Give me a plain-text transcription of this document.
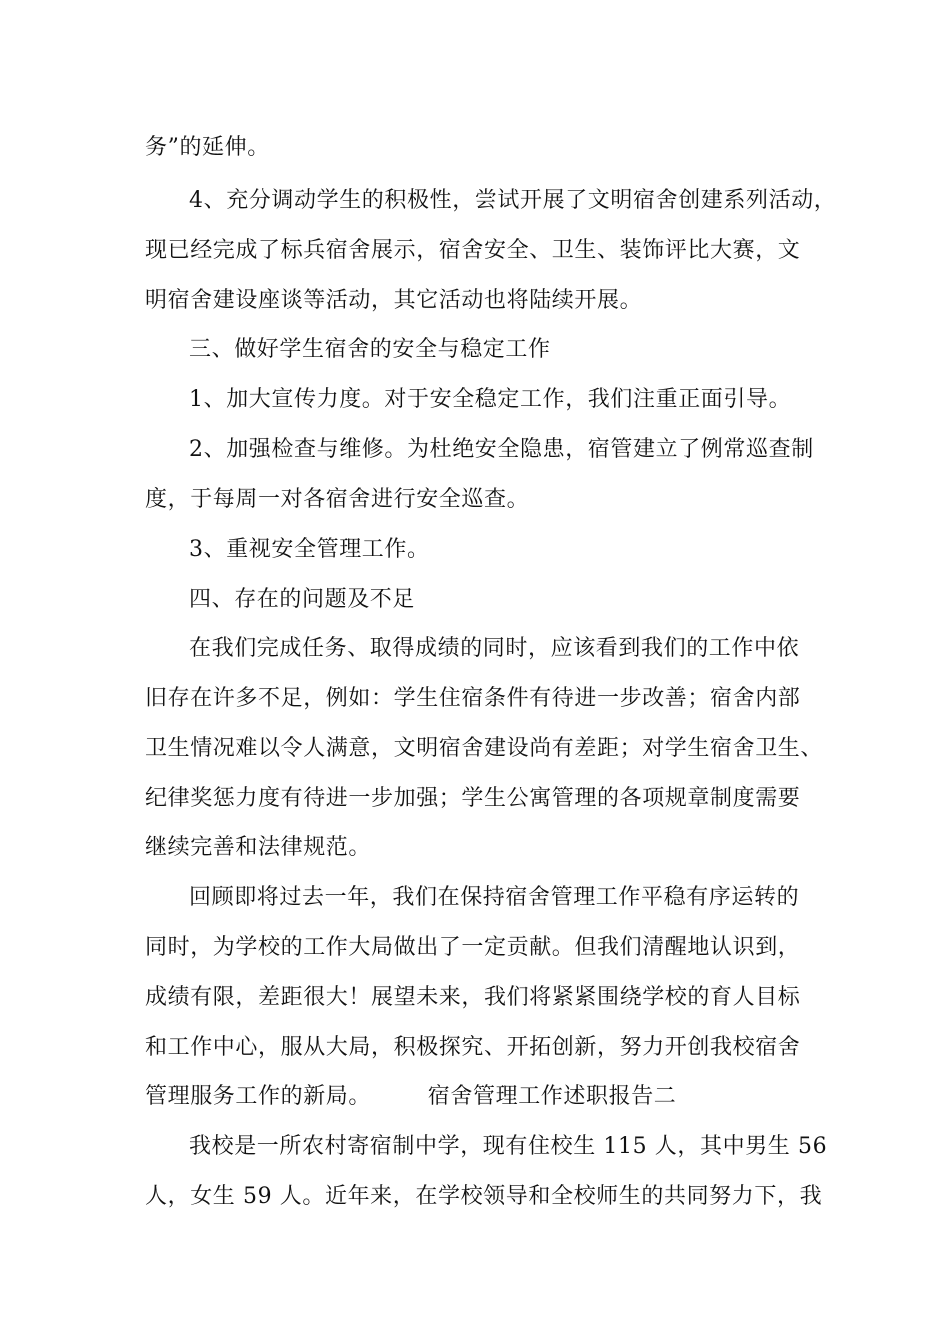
务”的延伸。
4、充分调动学生的积极性，尝试开展了文明宿舍创建系列活动，
现已经完成了标兵宿舍展示，宿舍安全、卫生、装饰评比大赛，文
明宿舍建设座谈等活动，其它活动也将陆续开展。
三、做好学生宿舍的安全与稳定工作
1、加大宣传力度。对于安全稳定工作，我们注重正面引导。
2、加强检查与维修。为杜绝安全隐患，宿管建立了例常巡查制
度，于每周一对各宿舍进行安全巡查。
3、重视安全管理工作。
四、存在的问题及不足
在我们完成任务、取得成绩的同时，应该看到我们的工作中依
旧存在许多不足，例如：学生住宿条件有待进一步改善；宿舍内部
卫生情况难以令人满意，文明宿舍建设尚有差距；对学生宿舍卫生、
纪律奖惩力度有待进一步加强；学生公寓管理的各项规章制度需要
继续完善和法律规范。
回顾即将过去一年，我们在保持宿舍管理工作平稳有序运转的
同时，为学校的工作大局做出了一定贡献。但我们清醒地认识到，
成绩有限，差距很大！展望未来，我们将紧紧围绕学校的育人目标
和工作中心，服从大局，积极探究、开拓创新，努力开创我校宿舍
管理服务工作的新局。　　　宿舍管理工作述职报告二
我校是一所农村寄宿制中学，现有住校生 115 人，其中男生 56
人，女生 59 人。近年来，在学校领导和全校师生的共同努力下，我
